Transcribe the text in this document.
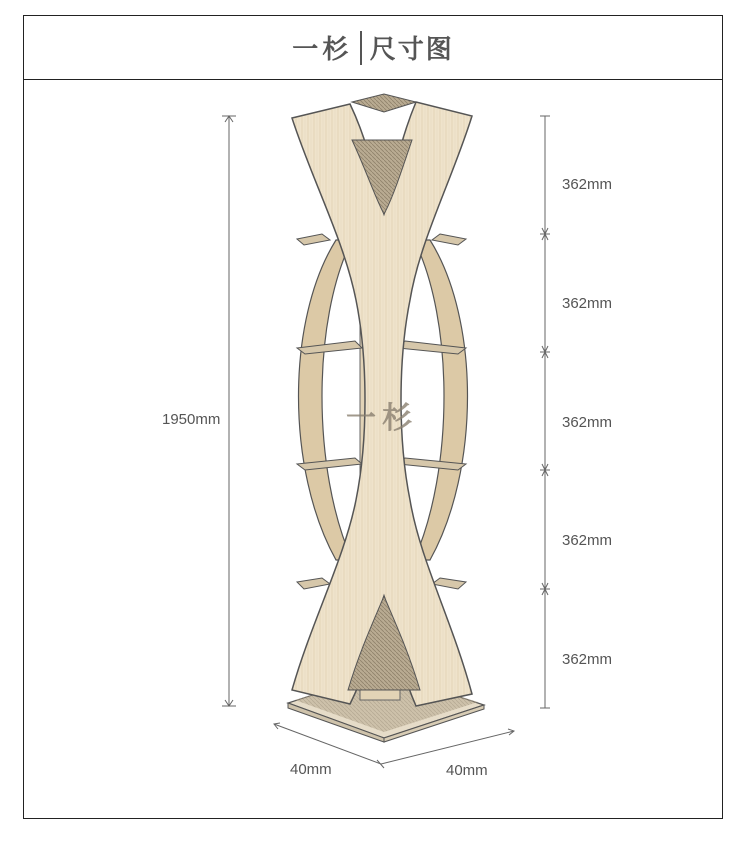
一杉 尺寸图
一杉
1950mm
362mm
362mm
362mm
362mm
362mm
40mm	40mm
